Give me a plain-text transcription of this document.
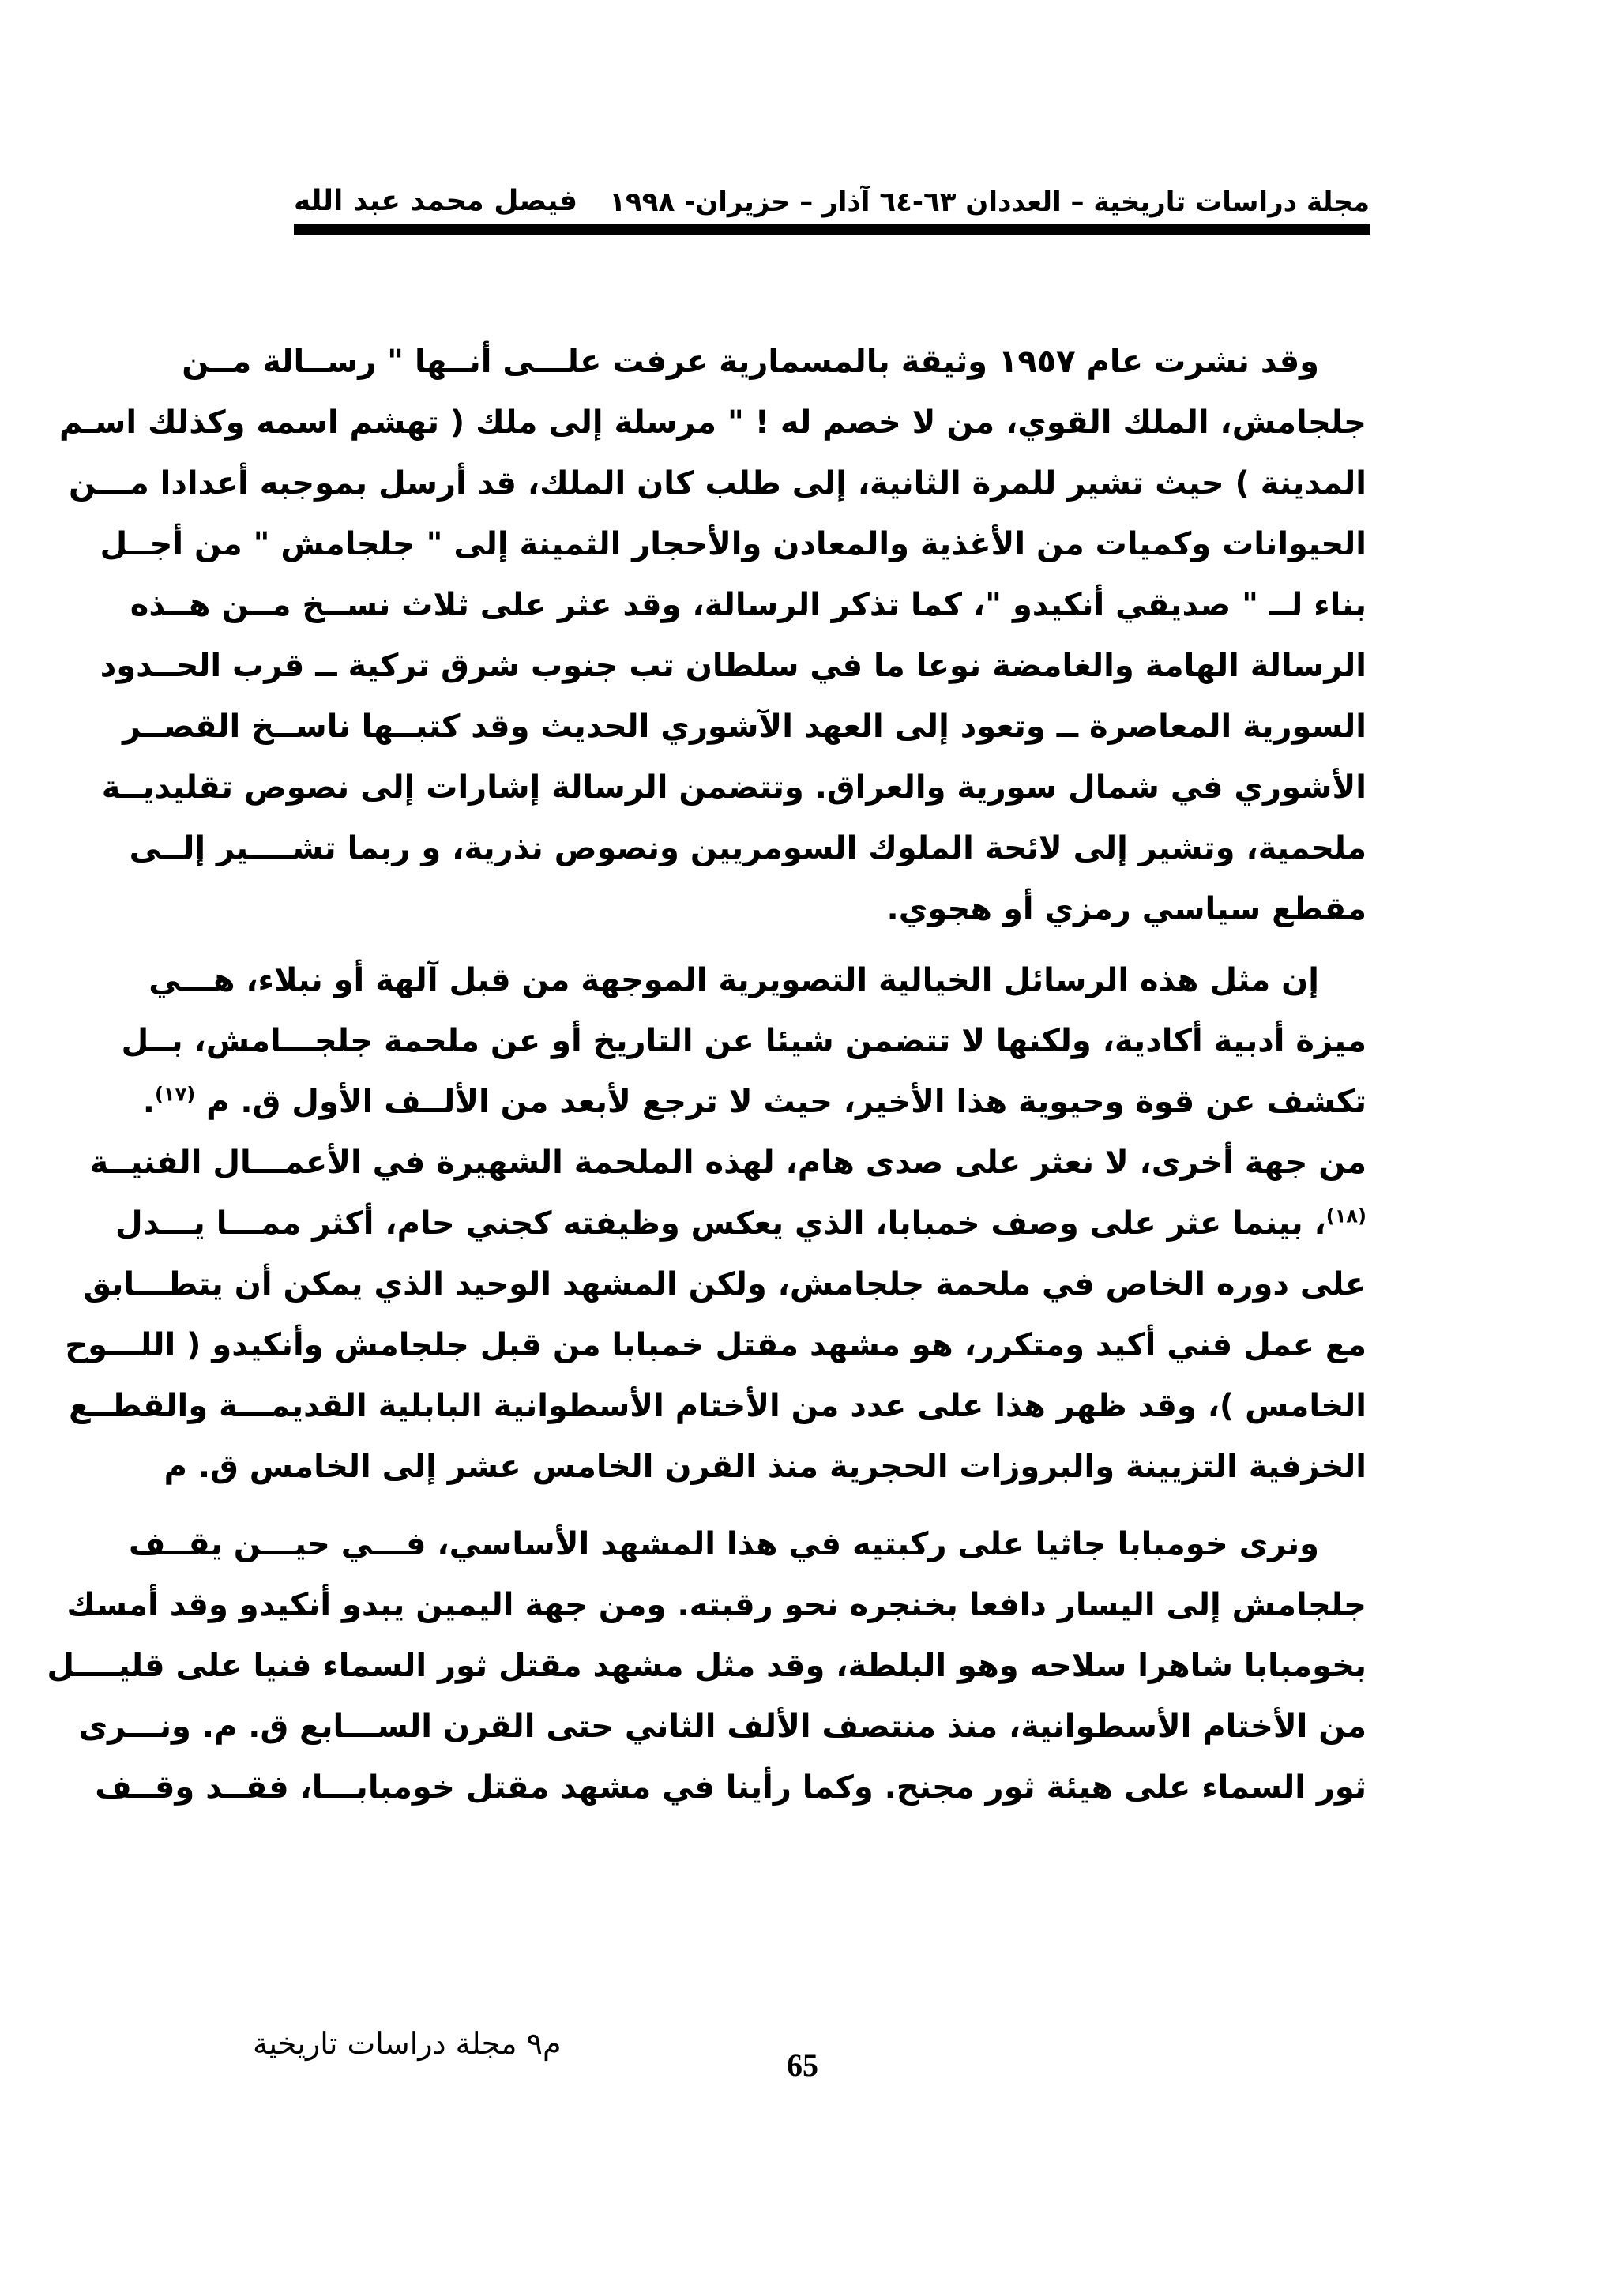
مجلة دراسات تاريخية – العددان ٦٣-٦٤ آذار – حزيران- ١٩٩٨
فيصل محمد عبد الله
وقد نشرت عام ١٩٥٧ وثيقة بالمسمارية عرفت علـــى أنــها " رســالة مــن
جلجامش، الملك القوي، من لا خصم له ! " مرسلة إلى ملك ( تهشم اسمه وكذلك اسـم
المدينة ) حيث تشير للمرة الثانية، إلى طلب كان الملك، قد أرسل بموجبه أعدادا مـــن
الحيوانات وكميات من الأغذية والمعادن والأحجار الثمينة إلى " جلجامش " من أجــل
بناء لــ " صديقي أنكيدو "، كما تذكر الرسالة، وقد عثر على ثلاث نســخ مــن هــذه
الرسالة الهامة والغامضة نوعا ما في سلطان تب جنوب شرق تركية ــ قرب الحــدود
السورية المعاصرة ــ وتعود إلى العهد الآشوري الحديث وقد كتبــها ناســخ القصــر
الأشوري في شمال سورية والعراق. وتتضمن الرسالة إشارات إلى نصوص تقليديــة
ملحمية، وتشير إلى لائحة الملوك السومريين ونصوص نذرية، و ربما تشــــير إلــى
مقطع سياسي رمزي أو هجوي.
إن مثل هذه الرسائل الخيالية التصويرية الموجهة من قبل آلهة أو نبلاء، هـــي
ميزة أدبية أكادية، ولكنها لا تتضمن شيئا عن التاريخ أو عن ملحمة جلجـــامش، بــل
تكشف عن قوة وحيوية هذا الأخير، حيث لا ترجع لأبعد من الألــف الأول ق. م $^{(١٧)}$.
من جهة أخرى، لا نعثر على صدى هام، لهذه الملحمة الشهيرة في الأعمـــال الفنيــة
$^{(١٨)}$، بينما عثر على وصف خمبابا، الذي يعكس وظيفته كجني حام، أكثر ممـــا يـــدل
على دوره الخاص في ملحمة جلجامش، ولكن المشهد الوحيد الذي يمكن أن يتطـــابق
مع عمل فني أكيد ومتكرر، هو مشهد مقتل خمبابا من قبل جلجامش وأنكيدو ( اللـــوح
الخامس )، وقد ظهر هذا على عدد من الأختام الأسطوانية البابلية القديمـــة والقطــع
الخزفية التزيينة والبروزات الحجرية منذ القرن الخامس عشر إلى الخامس ق. م
ونرى خومبابا جاثيا على ركبتيه في هذا المشهد الأساسي، فـــي حيـــن يقــف
جلجامش إلى اليسار دافعا بخنجره نحو رقبته. ومن جهة اليمين يبدو أنكيدو وقد أمسك
بخومبابا شاهرا سلاحه وهو البلطة، وقد مثل مشهد مقتل ثور السماء فنيا على قليــــل
من الأختام الأسطوانية، منذ منتصف الألف الثاني حتى القرن الســـابع ق. م. ونـــرى
ثور السماء على هيئة ثور مجنح. وكما رأينا في مشهد مقتل خومبابـــا، فقــد وقــف
م٩ مجلة دراسات تاريخية
65
